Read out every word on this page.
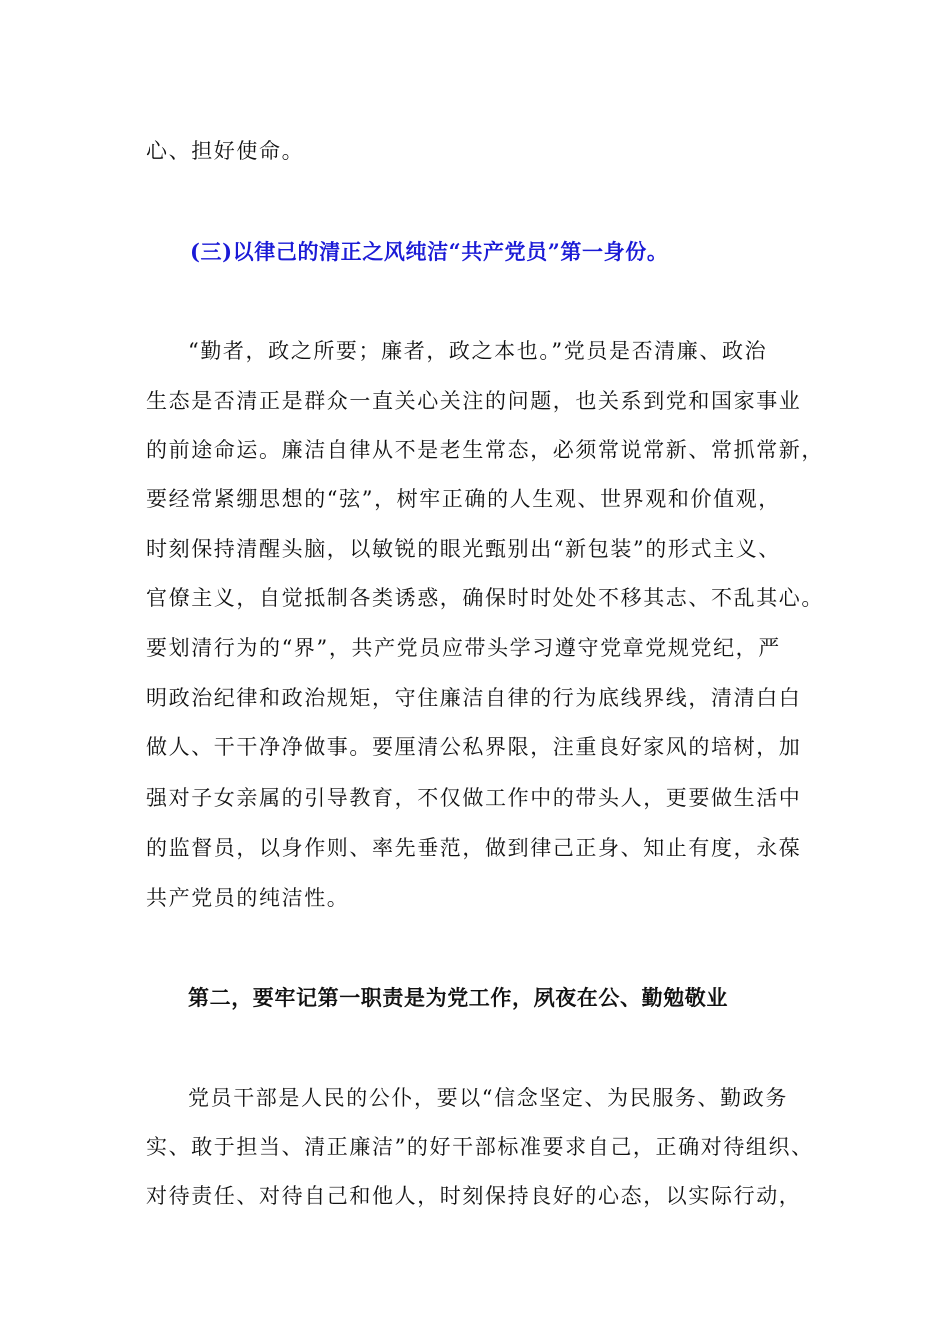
心、担好使命。
(三)以律己的清正之风纯洁“共产党员”第一身份。
“勤者，政之所要；廉者，政之本也。”党员是否清廉、政治
生态是否清正是群众一直关心关注的问题，也关系到党和国家事业
的前途命运。廉洁自律从不是老生常态，必须常说常新、常抓常新，
要经常紧绷思想的“弦”，树牢正确的人生观、世界观和价值观，
时刻保持清醒头脑，以敏锐的眼光甄别出“新包装”的形式主义、
官僚主义，自觉抵制各类诱惑，确保时时处处不移其志、不乱其心。
要划清行为的“界”，共产党员应带头学习遵守党章党规党纪，严
明政治纪律和政治规矩，守住廉洁自律的行为底线界线，清清白白
做人、干干净净做事。要厘清公私界限，注重良好家风的培树，加
强对子女亲属的引导教育，不仅做工作中的带头人，更要做生活中
的监督员，以身作则、率先垂范，做到律己正身、知止有度，永葆
共产党员的纯洁性。
第二，要牢记第一职责是为党工作，夙夜在公、勤勉敬业
党员干部是人民的公仆，要以“信念坚定、为民服务、勤政务
实、敢于担当、清正廉洁”的好干部标准要求自己，正确对待组织、
对待责任、对待自己和他人，时刻保持良好的心态，以实际行动，
